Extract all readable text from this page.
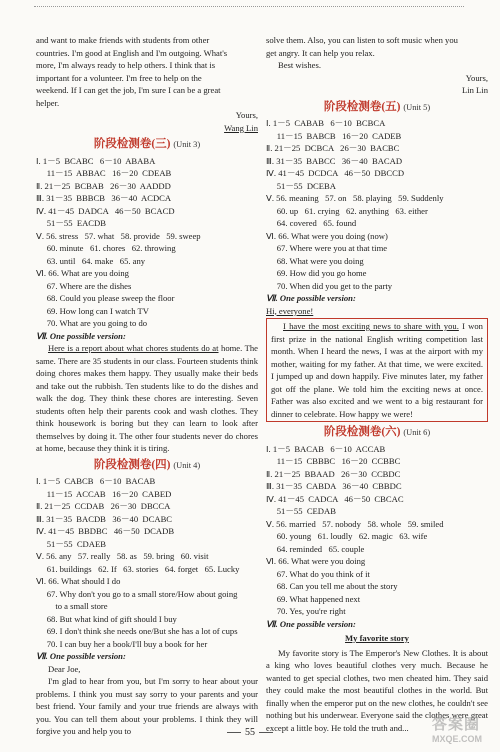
and want to make friends with students from other
countries. I'm good at English and I'm outgoing. What's
more, I'm always ready to help others. I think that is
important for a volunteer. I'm free to help on the
weekend. If I can get the job, I'm sure I can be a great
helper.
Yours,
Wang Lin
阶段检测卷(三) (Unit 3)
Ⅰ. 1－5  BCABC   6－10  ABABA
11－15  ABBAC   16－20  CDEAB
Ⅱ. 21－25  BCBAB   26－30  AADDD
Ⅲ. 31－35  BBBCB   36－40  ACDCA
Ⅳ. 41－45  DADCA   46－50  BCACD
51－55  EACDB
Ⅴ. 56. stress   57. what   58. provide   59. sweep
60. minute   61. chores   62. throwing
63. until   64. make   65. any
Ⅵ. 66. What are you doing
67. Where are the dishes
68. Could you please sweep the floor
69. How long can I watch TV
70. What are you going to do
Ⅶ. One possible version:
Here is a report about what chores students do at home. The same. There are 35 students in our class. Fourteen students think doing chores makes them happy. They usually make their beds and take out the rubbish. Ten students like to do the dishes and walk the dog. They think these chores are interesting. Seven students often help their parents cook and wash clothes. They think housework is boring but they can learn to look after themselves by doing it. The other four students never do chores at home, because they think it is tiring.
阶段检测卷(四) (Unit 4)
Ⅰ. 1－5  CABCB   6－10  BACAB
11－15  ACCAB   16－20  CABED
Ⅱ. 21－25  CCDAB   26－30  DBCCA
Ⅲ. 31－35  BACDB   36－40  DCABC
Ⅳ. 41－45  BBDBC   46－50  DCADB
51－55  CDAEB
Ⅴ. 56. any   57. really   58. as   59. bring   60. visit
61. buildings   62. If   63. stories   64. forget   65. Lucky
Ⅵ. 66. What should I do
67. Why don't you go to a small store/How about going
to a small store
68. But what kind of gift should I buy
69. I don't think she needs one/But she has a lot of cups
70. I can buy her a book/I'll buy a book for her
Ⅶ. One possible version:
Dear Joe,
I'm glad to hear from you, but I'm sorry to hear about your problems. I think you must say sorry to your parents and your best friend. Your family and your true friends are always with you. You can tell them about your problems. I think they will forgive you and help you to
solve them. Also, you can listen to soft music when you
get angry. It can help you relax.
Best wishes.
Yours,
Lin Lin
阶段检测卷(五) (Unit 5)
Ⅰ. 1－5  CABAB   6－10  BCBCA
11－15  BABCB   16－20  CADEB
Ⅱ. 21－25  DCBCA   26－30  BACBC
Ⅲ. 31－35  BABCC   36－40  BACAD
Ⅳ. 41－45  DCDCA   46－50  DBCCD
51－55  DCEBA
Ⅴ. 56. meaning   57. on   58. playing   59. Suddenly
60. up   61. crying   62. anything   63. either
64. covered   65. found
Ⅵ. 66. What were you doing (now)
67. Where were you at that time
68. What were you doing
69. How did you go home
70. When did you get to the party
Ⅶ. One possible version:
Hi, everyone!
I have the most exciting news to share with you. I won first prize in the national English writing competition last month. When I heard the news, I was at the airport with my mother, waiting for my father. At that time, we were excited. I jumped up and down happily. Five minutes later, my father got off the plane. We told him the exciting news at once. Father was also excited and we went to a big restaurant for dinner to celebrate. How happy we were!
阶段检测卷(六) (Unit 6)
Ⅰ. 1－5  BACAB   6－10  ACCAB
11－15  CBBBC   16－20  CCBBC
Ⅱ. 21－25  BBAAD   26－30  CCBDC
Ⅲ. 31－35  CABDA   36－40  CBBDC
Ⅳ. 41－45  CADCA   46－50  CBCAC
51－55  CEDAB
Ⅴ. 56. married   57. nobody   58. whole   59. smiled
60. young   61. loudly   62. magic   63. wife
64. reminded   65. couple
Ⅵ. 66. What were you doing
67. What do you think of it
68. Can you tell me about the story
69. What happened next
70. Yes, you're right
Ⅶ. One possible version:
My favorite story
My favorite story is The Emperor's New Clothes. It is about a king who loves beautiful clothes very much. Because he wanted to get special clothes, two men cheated him. They said they could make the most beautiful clothes in the world. But finally when the emperor put on the new clothes, he couldn't see nothing but his underwear. Everyone said the clothes were great except a little boy. He told the truth and...
55	答案圈
MXQE.COM
